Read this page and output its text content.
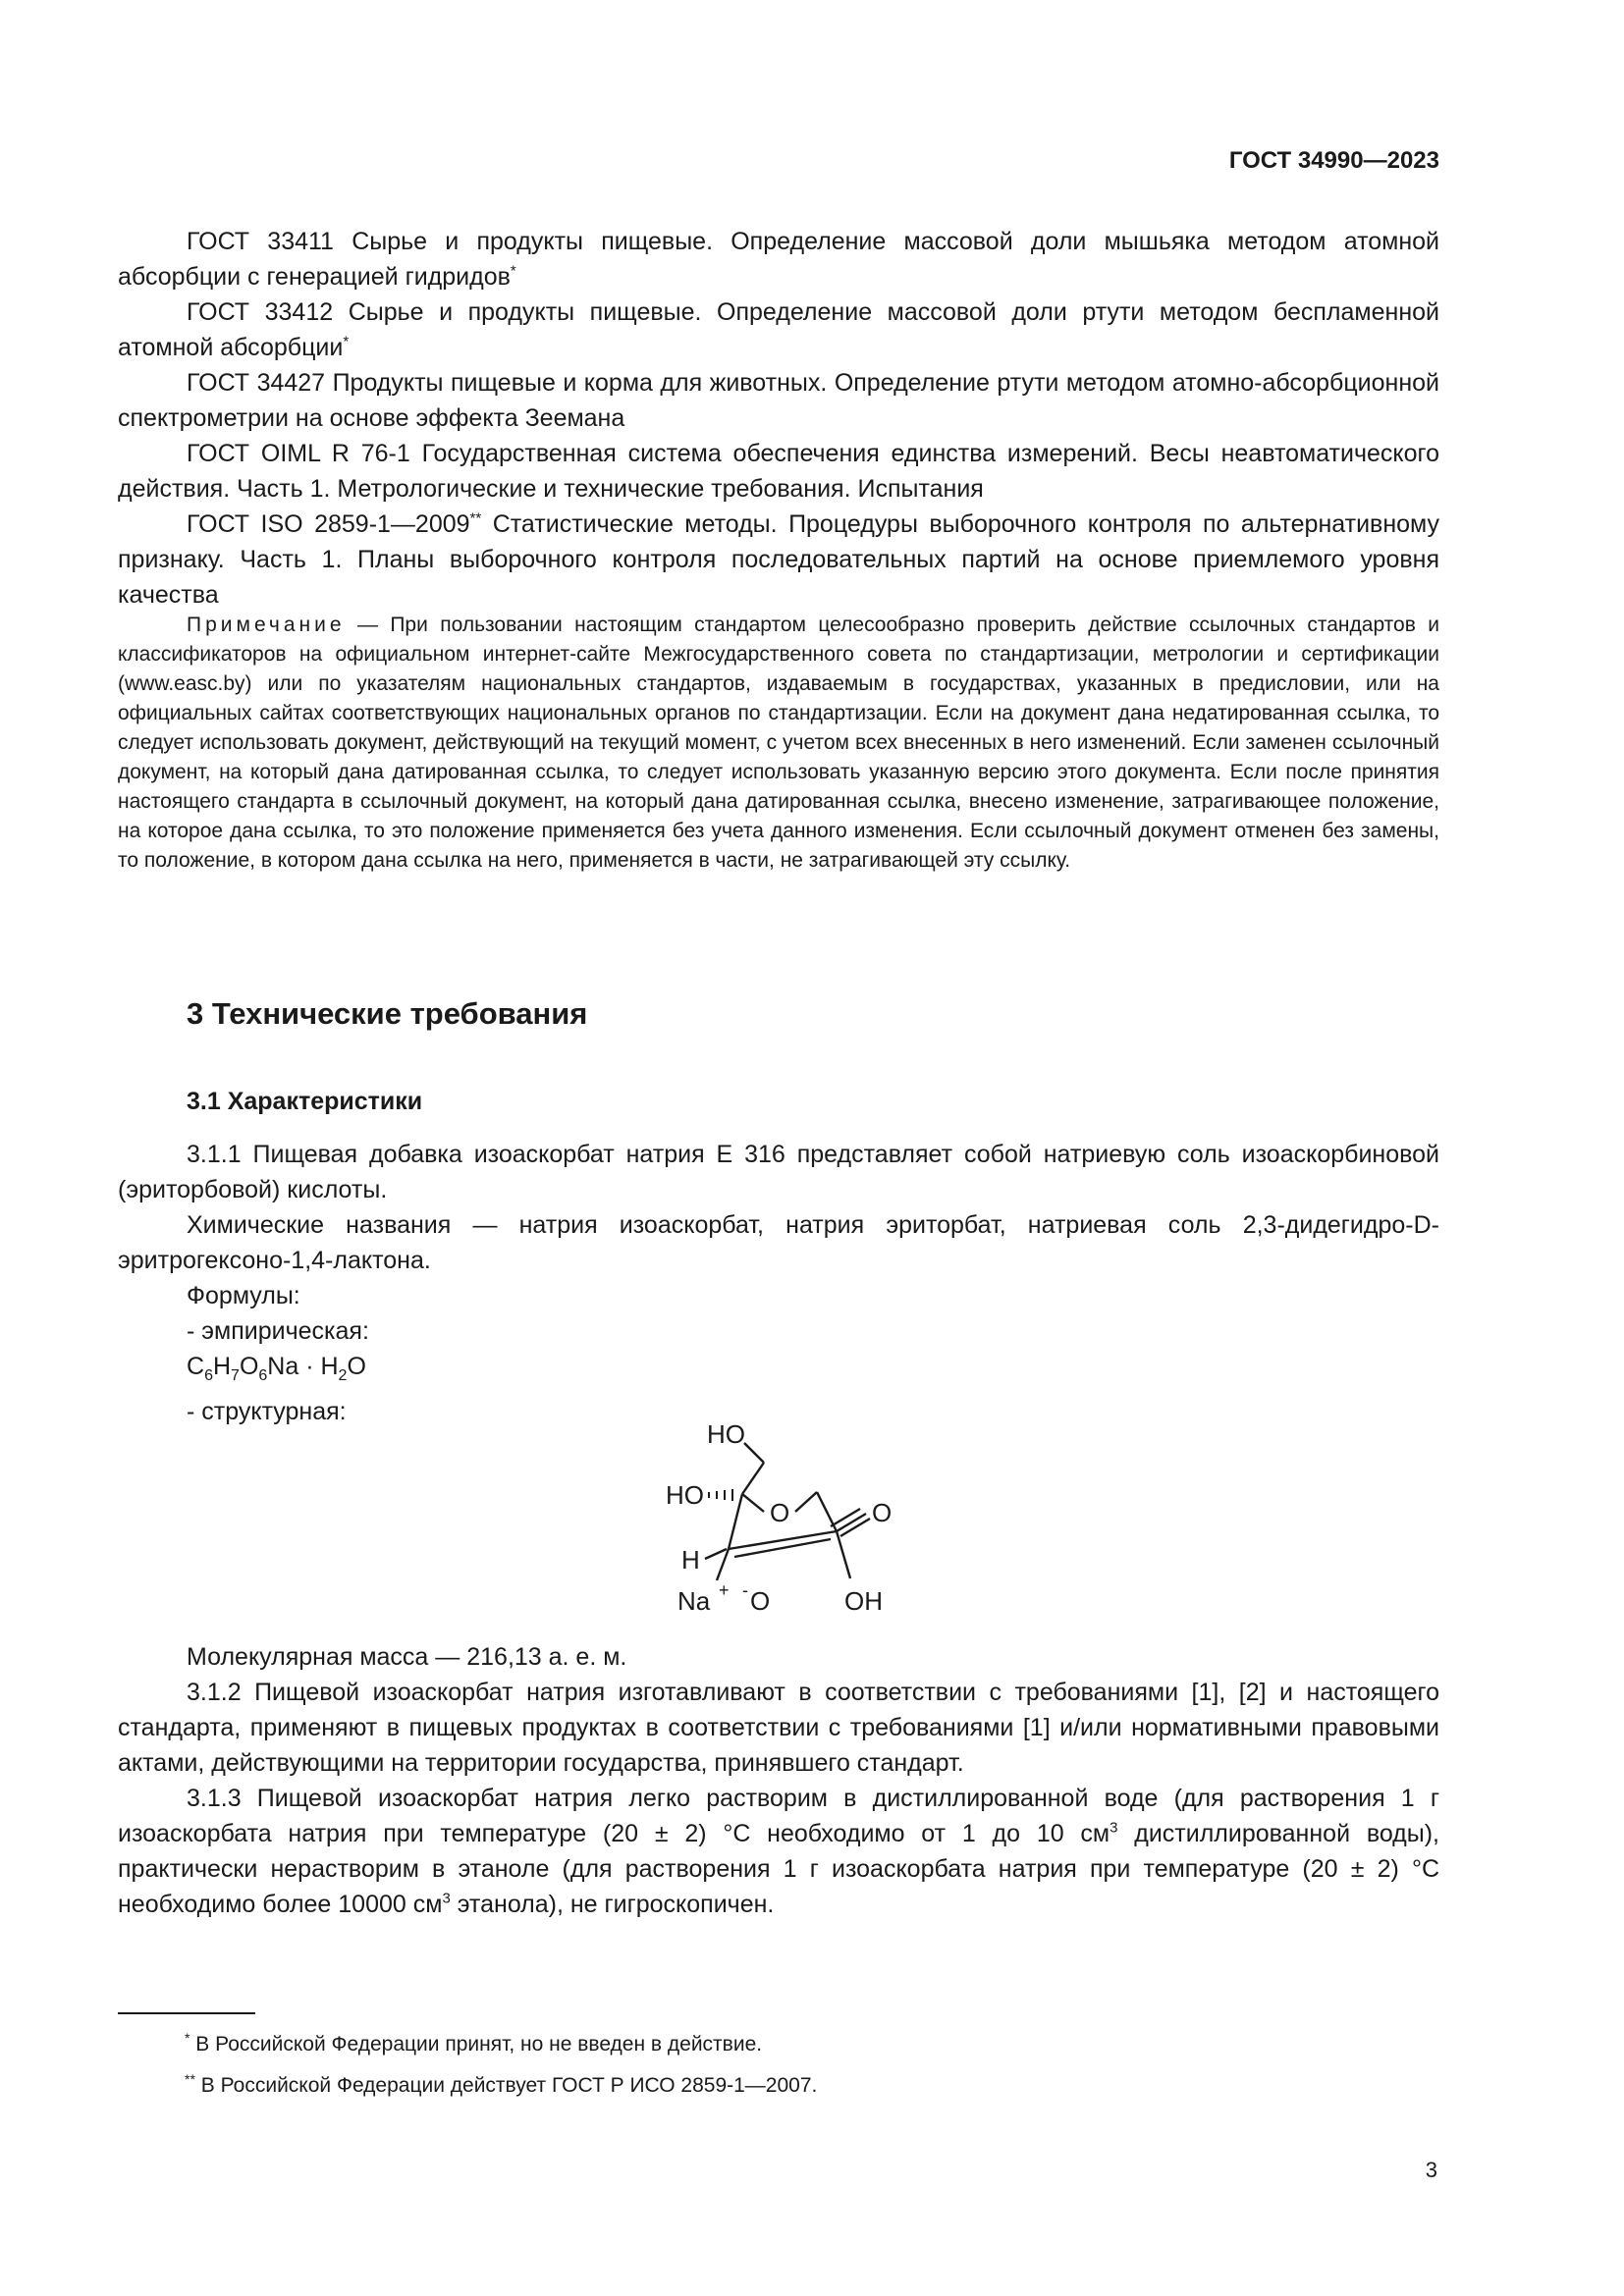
ГОСТ 34990—2023

ГОСТ 33411 Сырье и продукты пищевые. Определение массовой доли мышьяка методом атомной абсорбции с генерацией гидридов*

ГОСТ 33412 Сырье и продукты пищевые. Определение массовой доли ртути методом беспламенной атомной абсорбции*

ГОСТ 34427 Продукты пищевые и корма для животных. Определение ртути методом атомно-абсорбционной спектрометрии на основе эффекта Зеемана

ГОСТ OIML R 76-1 Государственная система обеспечения единства измерений. Весы неавтоматического действия. Часть 1. Метрологические и технические требования. Испытания

ГОСТ ISO 2859-1—2009** Статистические методы. Процедуры выборочного контроля по альтернативному признаку. Часть 1. Планы выборочного контроля последовательных партий на основе приемлемого уровня качества

Примечание — При пользовании настоящим стандартом целесообразно проверить действие ссылочных стандартов и классификаторов на официальном интернет-сайте Межгосударственного совета по стандартизации, метрологии и сертификации (www.easc.by) или по указателям национальных стандартов, издаваемым в государствах, указанных в предисловии, или на официальных сайтах соответствующих национальных органов по стандартизации. Если на документ дана недатированная ссылка, то следует использовать документ, действующий на текущий момент, с учетом всех внесенных в него изменений. Если заменен ссылочный документ, на который дана датированная ссылка, то следует использовать указанную версию этого документа. Если после принятия настоящего стандарта в ссылочный документ, на который дана датированная ссылка, внесено изменение, затрагивающее положение, на которое дана ссылка, то это положение применяется без учета данного изменения. Если ссылочный документ отменен без замены, то положение, в котором дана ссылка на него, применяется в части, не затрагивающей эту ссылку.

3 Технические требования
3.1 Характеристики

3.1.1 Пищевая добавка изоаскорбат натрия Е 316 представляет собой натриевую соль изоаскорбиновой (эриторбовой) кислоты.

Химические названия — натрия изоаскорбат, натрия эриторбат, натриевая соль 2,3-дидегидро-D-эритрогексоно-1,4-лактона.

Формулы:

- эмпирическая:

$C_6H_7O_6Na \cdot H_2O$

- структурная:

HO
HO
O	O
H
Na + - O	OH

Молекулярная масса — 216,13 а. е. м.

3.1.2 Пищевой изоаскорбат натрия изготавливают в соответствии с требованиями [1], [2] и настоящего стандарта, применяют в пищевых продуктах в соответствии с требованиями [1] и/или нормативными правовыми актами, действующими на территории государства, принявшего стандарт.

3.1.3 Пищевой изоаскорбат натрия легко растворим в дистиллированной воде (для растворения 1 г изоаскорбата натрия при температуре (20 ± 2) °С необходимо от 1 до 10 $см^3$ дистиллированной воды), практически нерастворим в этаноле (для растворения 1 г изоаскорбата натрия при температуре (20 ± 2) °С необходимо более 10000 $см^3$ этанола), не гигроскопичен.

* В Российской Федерации принят, но не введен в действие.

** В Российской Федерации действует ГОСТ Р ИСО 2859-1—2007.

3
